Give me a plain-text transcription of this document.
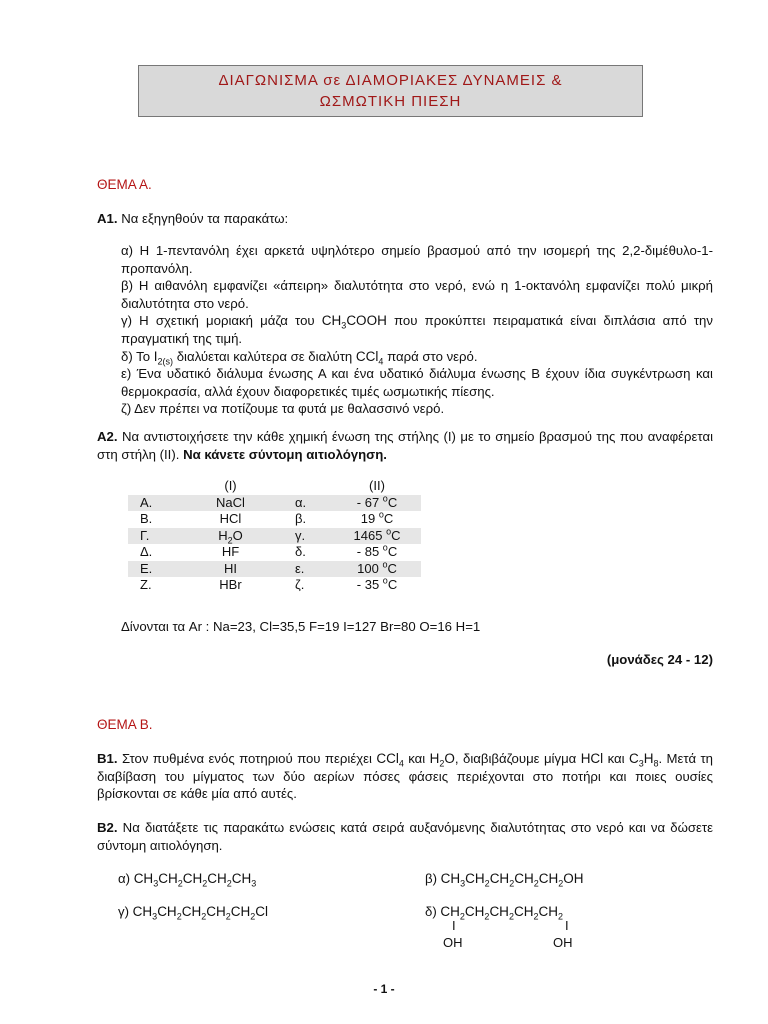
ΔΙΑΓΩΝΙΣΜΑ σε ΔΙΑΜΟΡΙΑΚΕΣ ΔΥΝΑΜΕΙΣ &
ΩΣΜΩΤΙΚΗ ΠΙΕΣΗ
ΘΕΜΑ Α.
Α1. Να εξηγηθούν τα παρακάτω:
α) Η 1-πεντανόλη έχει αρκετά υψηλότερο σημείο βρασμού από την ισομερή της 2,2-διμέθυλο-1-προπανόλη.
β) Η αιθανόλη εμφανίζει «άπειρη» διαλυτότητα στο νερό, ενώ η 1-οκτανόλη εμφανίζει πολύ μικρή διαλυτότητα στο νερό.
γ) Η σχετική μοριακή μάζα του $CH_3COOH$ που προκύπτει πειραματικά είναι διπλάσια από την πραγματική της τιμή.
δ) Το $I_{2(s)}$ διαλύεται καλύτερα σε διαλύτη CCl$_4$ παρά στο νερό.
ε) Ένα υδατικό διάλυμα ένωσης Α και ένα υδατικό διάλυμα ένωσης Β έχουν ίδια συγκέντρωση και θερμοκρασία, αλλά έχουν διαφορετικές τιμές ωσμωτικής πίεσης.
ζ) Δεν πρέπει να ποτίζουμε τα φυτά με θαλασσινό νερό.
Α2. Να αντιστοιχήσετε την κάθε χημική ένωση της στήλης (Ι) με το σημείο βρασμού της που αναφέρεται στη στήλη (ΙΙ). Να κάνετε σύντομη αιτιολόγηση.
	(Ι)		(ΙΙ)
Α.	NaCl	α.	- 67 $^o$C
Β.	HCl	β.	19 $^o$C
Γ.	$H_2O$	γ.	1465 $^o$C
Δ.	HF	δ.	- 85 $^o$C
Ε.	HI	ε.	100 $^o$C
Ζ.	HBr	ζ.	- 35 $^o$C
Δίνονται τα Ar : Na=23, Cl=35,5 F=19 I=127 Br=80 O=16 H=1
(μονάδες 24 - 12)
ΘΕΜΑ Β.
Β1. Στον πυθμένα ενός ποτηριού που περιέχει CCl$_4$ και $H_2O$, διαβιβάζουμε μίγμα HCl και $C_3H_8$. Μετά τη διαβίβαση του μίγματος των δύο αερίων πόσες φάσεις περιέχονται στο ποτήρι και ποιες ουσίες βρίσκονται σε κάθε μία από αυτές.
Β2. Να διατάξετε τις παρακάτω ενώσεις κατά σειρά αυξανόμενης διαλυτότητας στο νερό και να δώσετε σύντομη αιτιολόγηση.
α) $CH_3CH_2CH_2CH_2CH_3$	β) $CH_3CH_2CH_2CH_2CH_2OH$
γ) $CH_3CH_2CH_2CH_2CH_2Cl$	δ) $CH_2CH_2CH_2CH_2CH_2$
I	I
OH	OH
- 1 -
